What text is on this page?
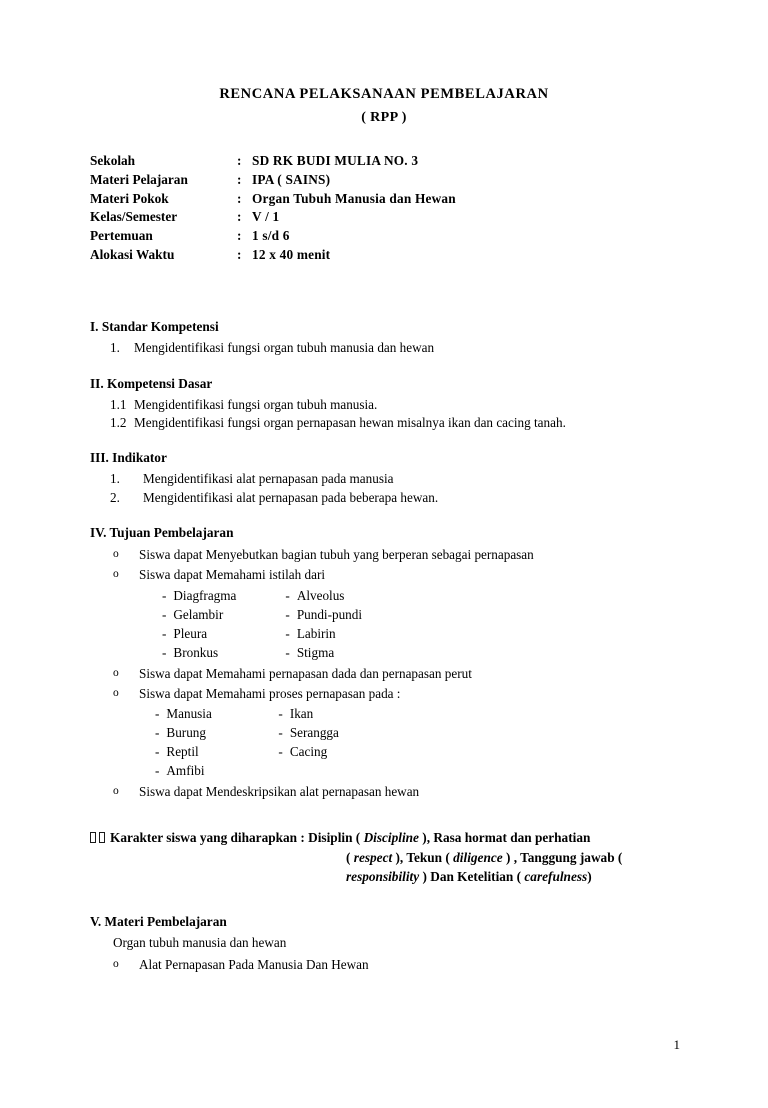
RENCANA PELAKSANAAN PEMBELAJARAN
( RPP )
Sekolah	:	SD RK BUDI MULIA NO. 3
Materi Pelajaran	:	IPA ( SAINS)
Materi Pokok	:	Organ Tubuh Manusia dan Hewan
Kelas/Semester	:	V / 1
Pertemuan	:	1 s/d 6
Alokasi Waktu	:	12 x 40 menit
I. Standar Kompetensi
1.	Mengidentifikasi fungsi organ tubuh manusia dan hewan
II. Kompetensi Dasar
1.1 Mengidentifikasi fungsi organ tubuh manusia.
1.2 Mengidentifikasi fungsi organ pernapasan hewan misalnya ikan dan cacing tanah.
III. Indikator
1.	Mengidentifikasi alat pernapasan pada manusia
2.	Mengidentifikasi alat pernapasan pada beberapa hewan.
IV. Tujuan Pembelajaran
o	Siswa dapat Menyebutkan bagian tubuh yang berperan sebagai pernapasan
o	Siswa dapat Memahami istilah dari
-	Diagfragma	-	Alveolus
-	Gelambir	-	Pundi-pundi
-	Pleura	-	Labirin
-	Bronkus	-	Stigma
o	Siswa dapat Memahami pernapasan dada dan pernapasan perut
o	Siswa dapat Memahami proses pernapasan pada :
-	Manusia	-	Ikan
-	Burung	-	Serangga
-	Reptil	-	Cacing
-	Amfibi		
o	Siswa dapat Mendeskripsikan alat pernapasan hewan
Karakter siswa yang diharapkan : Disiplin ( Discipline ), Rasa hormat dan perhatian
( respect ), Tekun ( diligence ) , Tanggung jawab (
responsibility ) Dan Ketelitian ( carefulness)
V. Materi Pembelajaran
Organ tubuh manusia dan hewan
o	Alat Pernapasan Pada Manusia Dan Hewan
1
